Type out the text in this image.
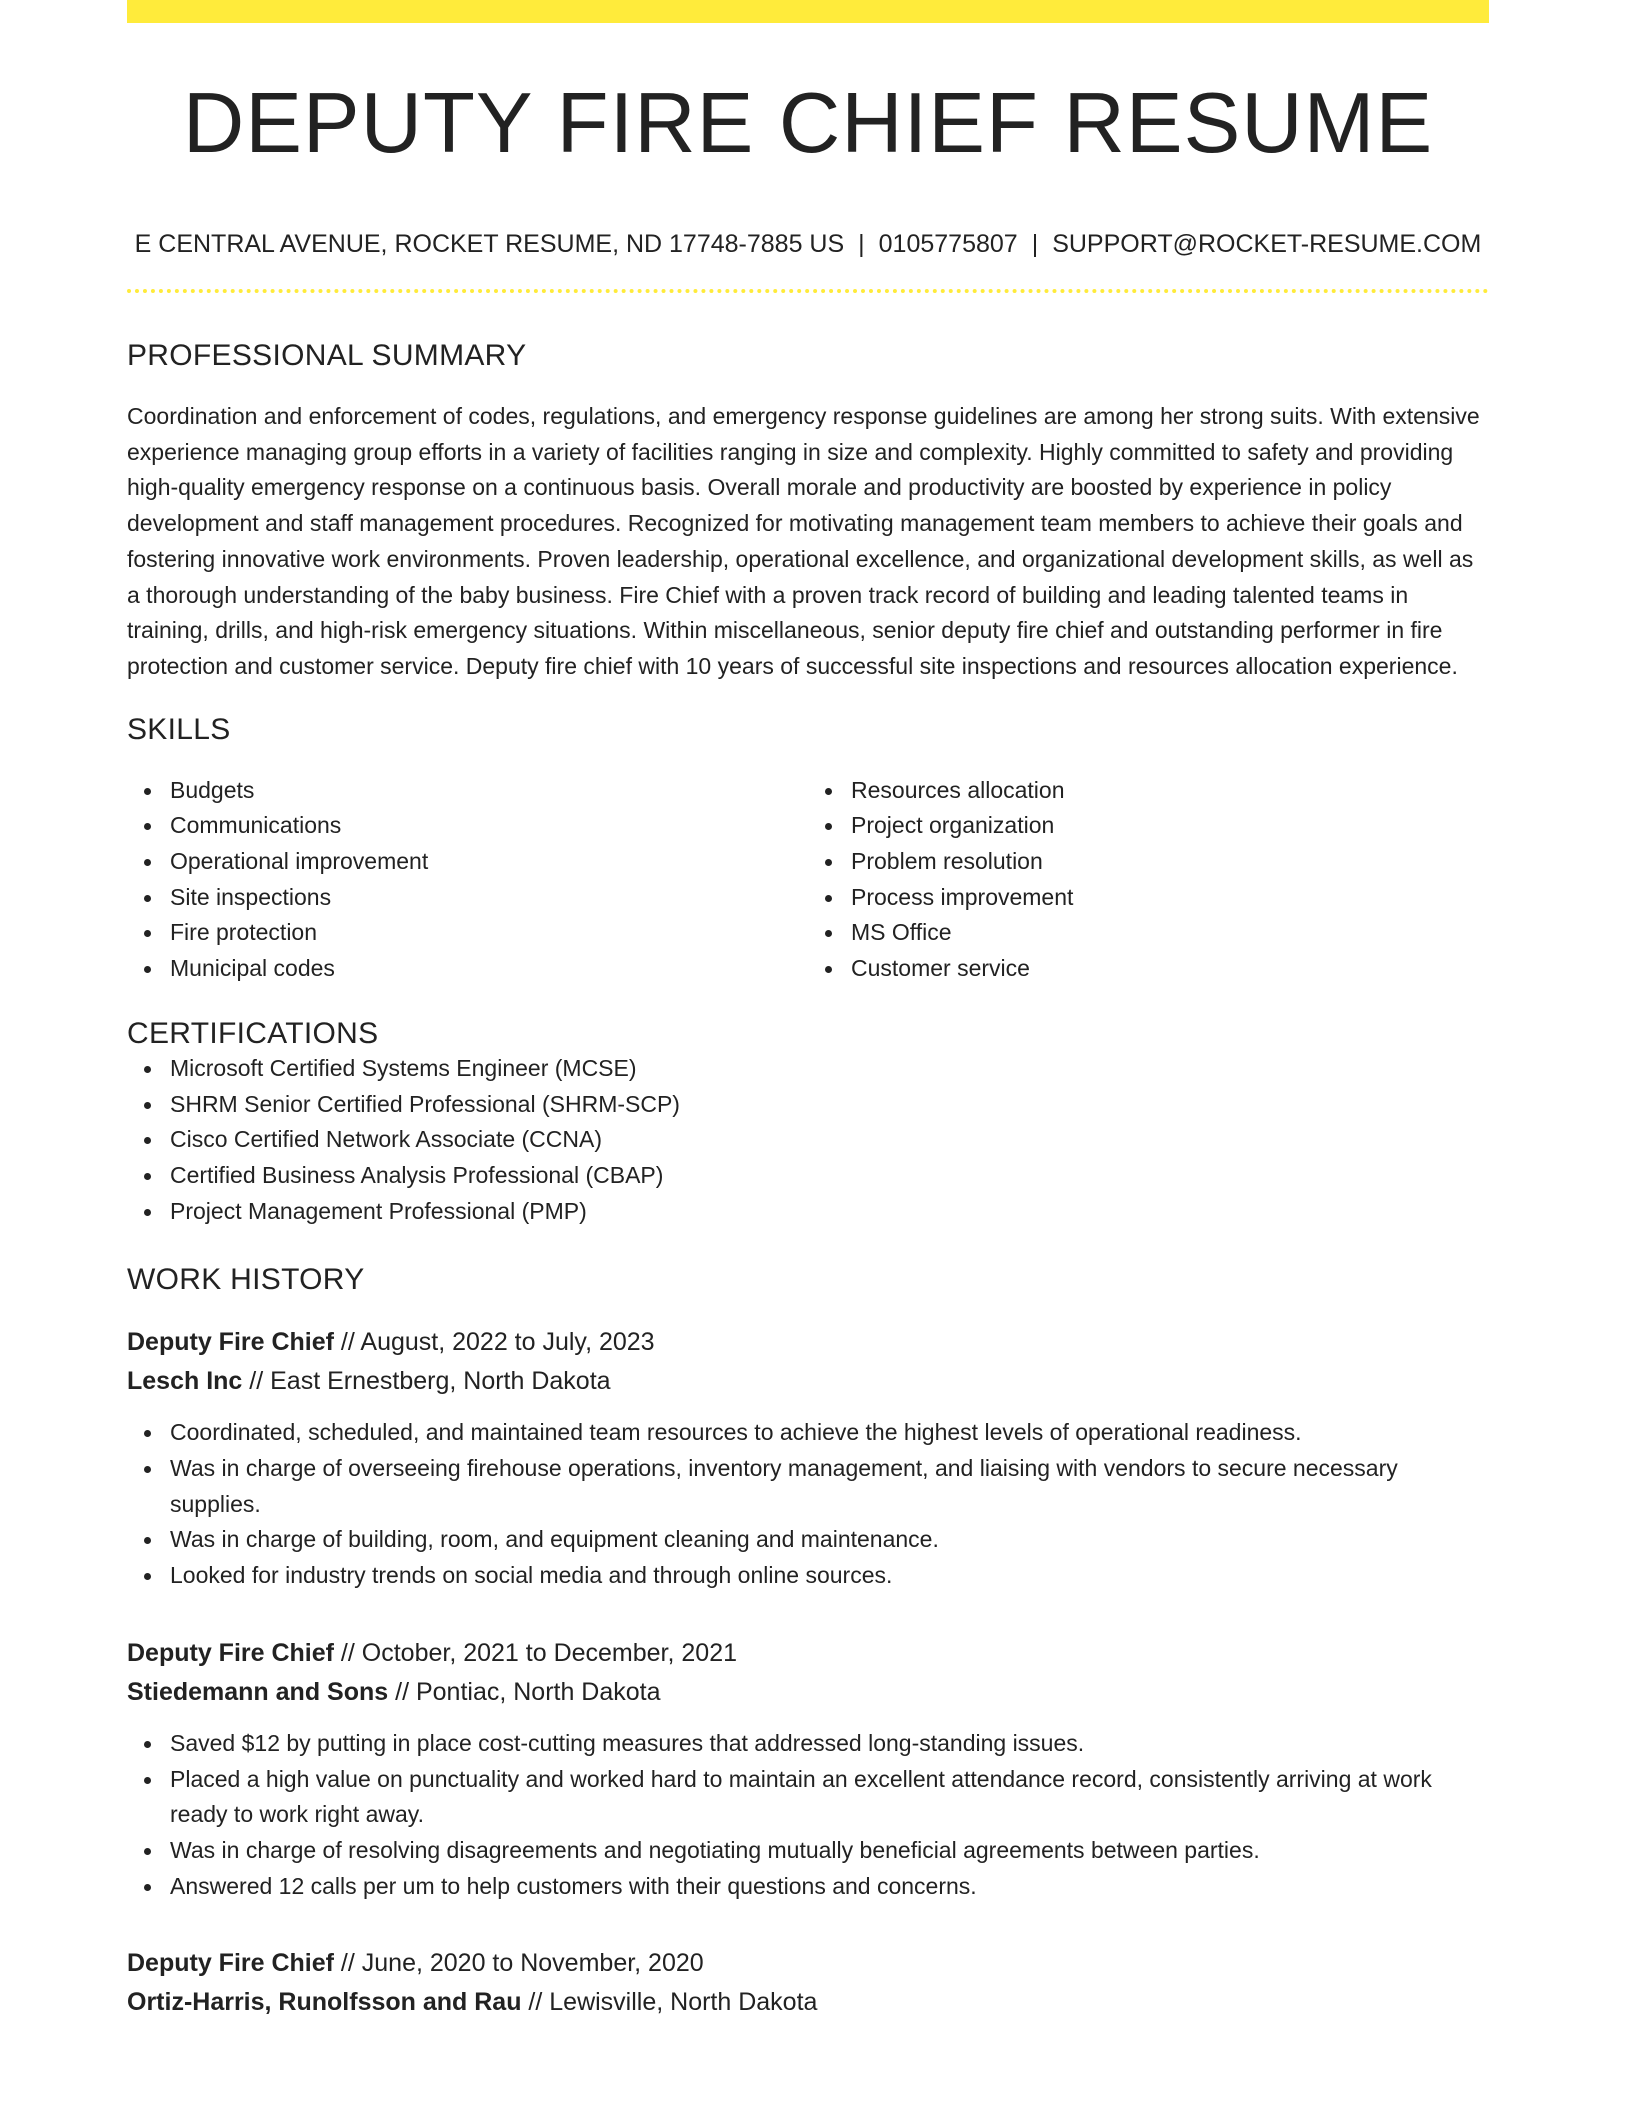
DEPUTY FIRE CHIEF RESUME
E CENTRAL AVENUE, ROCKET RESUME, ND 17748-7885 US | 0105775807 | SUPPORT@ROCKET-RESUME.COM
PROFESSIONAL SUMMARY

Coordination and enforcement of codes, regulations, and emergency response guidelines are among her strong suits. With extensive experience managing group efforts in a variety of facilities ranging in size and complexity. Highly committed to safety and providing high-quality emergency response on a continuous basis. Overall morale and productivity are boosted by experience in policy development and staff management procedures. Recognized for motivating management team members to achieve their goals and fostering innovative work environments. Proven leadership, operational excellence, and organizational development skills, as well as a thorough understanding of the baby business. Fire Chief with a proven track record of building and leading talented teams in training, drills, and high-risk emergency situations. Within miscellaneous, senior deputy fire chief and outstanding performer in fire protection and customer service. Deputy fire chief with 10 years of successful site inspections and resources allocation experience.

SKILLS
Budgets
Communications
Operational improvement
Site inspections
Fire protection
Municipal codes
Resources allocation
Project organization
Problem resolution
Process improvement
MS Office
Customer service
CERTIFICATIONS
Microsoft Certified Systems Engineer (MCSE)
SHRM Senior Certified Professional (SHRM-SCP)
Cisco Certified Network Associate (CCNA)
Certified Business Analysis Professional (CBAP)
Project Management Professional (PMP)
WORK HISTORY
Deputy Fire Chief // August, 2022 to July, 2023
Lesch Inc // East Ernestberg, North Dakota
Coordinated, scheduled, and maintained team resources to achieve the highest levels of operational readiness.
Was in charge of overseeing firehouse operations, inventory management, and liaising with vendors to secure necessary supplies.
Was in charge of building, room, and equipment cleaning and maintenance.
Looked for industry trends on social media and through online sources.
Deputy Fire Chief // October, 2021 to December, 2021
Stiedemann and Sons // Pontiac, North Dakota
Saved $12 by putting in place cost-cutting measures that addressed long-standing issues.
Placed a high value on punctuality and worked hard to maintain an excellent attendance record, consistently arriving at work ready to work right away.
Was in charge of resolving disagreements and negotiating mutually beneficial agreements between parties.
Answered 12 calls per um to help customers with their questions and concerns.
Deputy Fire Chief // June, 2020 to November, 2020
Ortiz-Harris, Runolfsson and Rau // Lewisville, North Dakota
